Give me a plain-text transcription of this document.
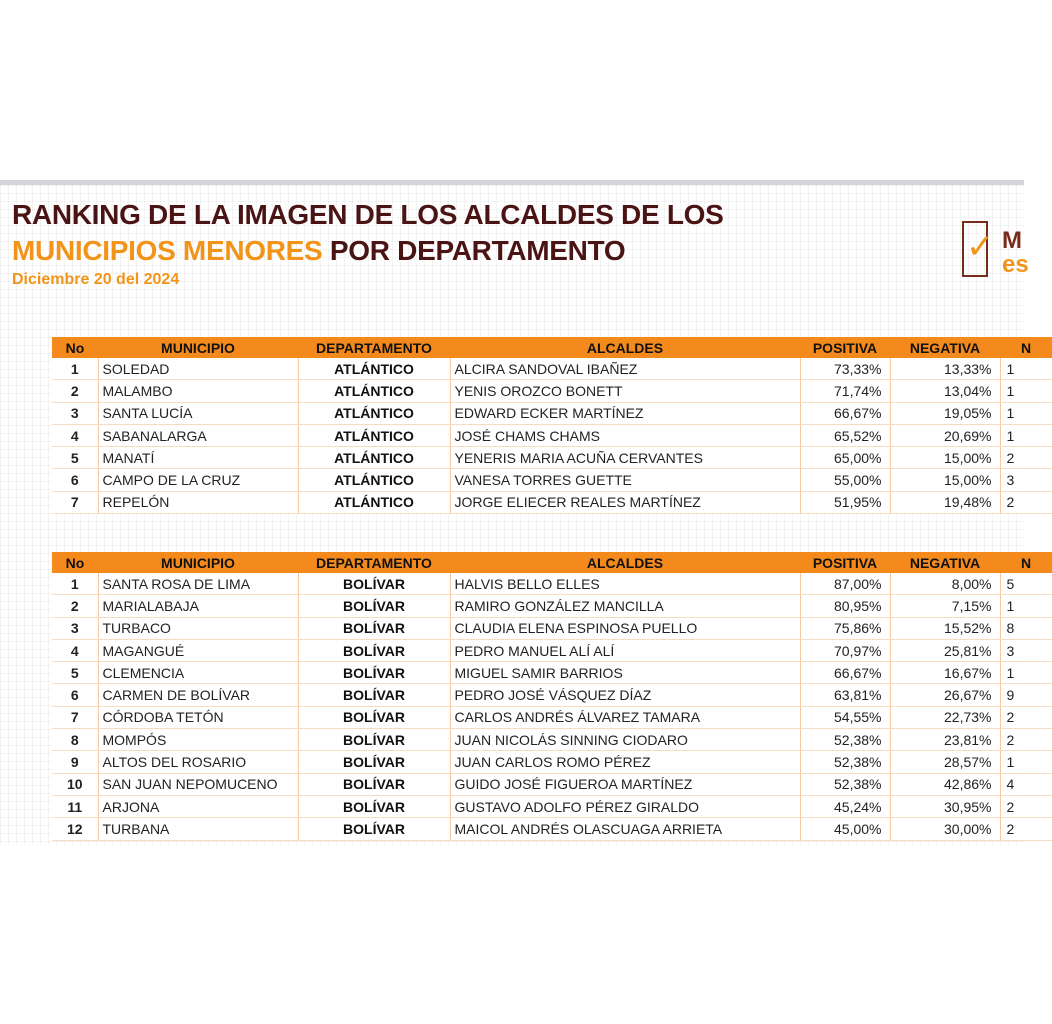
RANKING DE LA IMAGEN DE LOS ALCALDES DE LOS
MUNICIPIOS MENORES POR DEPARTAMENTO

Diciembre 20 del 2024

✓ M
es
No	MUNICIPIO	DEPARTAMENTO	ALCALDES	POSITIVA	NEGATIVA	N
1	SOLEDAD	ATLÁNTICO	ALCIRA SANDOVAL IBAÑEZ	73,33%	13,33%	1
2	MALAMBO	ATLÁNTICO	YENIS OROZCO BONETT	71,74%	13,04%	1
3	SANTA LUCÍA	ATLÁNTICO	EDWARD ECKER MARTÍNEZ	66,67%	19,05%	1
4	SABANALARGA	ATLÁNTICO	JOSÉ CHAMS CHAMS	65,52%	20,69%	1
5	MANATÍ	ATLÁNTICO	YENERIS MARIA ACUÑA CERVANTES	65,00%	15,00%	2
6	CAMPO DE LA CRUZ	ATLÁNTICO	VANESA TORRES GUETTE	55,00%	15,00%	3
7	REPELÓN	ATLÁNTICO	JORGE ELIECER REALES MARTÍNEZ	51,95%	19,48%	2
No	MUNICIPIO	DEPARTAMENTO	ALCALDES	POSITIVA	NEGATIVA	N
1	SANTA ROSA DE LIMA	BOLÍVAR	HALVIS BELLO ELLES	87,00%	8,00%	5
2	MARIALABAJA	BOLÍVAR	RAMIRO GONZÁLEZ MANCILLA	80,95%	7,15%	1
3	TURBACO	BOLÍVAR	CLAUDIA ELENA ESPINOSA PUELLO	75,86%	15,52%	8
4	MAGANGUÉ	BOLÍVAR	PEDRO MANUEL ALÍ ALÍ	70,97%	25,81%	3
5	CLEMENCIA	BOLÍVAR	MIGUEL SAMIR BARRIOS	66,67%	16,67%	1
6	CARMEN DE BOLÍVAR	BOLÍVAR	PEDRO JOSÉ VÁSQUEZ DÍAZ	63,81%	26,67%	9
7	CÓRDOBA TETÓN	BOLÍVAR	CARLOS ANDRÉS ÁLVAREZ TAMARA	54,55%	22,73%	2
8	MOMPÓS	BOLÍVAR	JUAN NICOLÁS SINNING CIODARO	52,38%	23,81%	2
9	ALTOS DEL ROSARIO	BOLÍVAR	JUAN CARLOS ROMO PÉREZ	52,38%	28,57%	1
10	SAN JUAN NEPOMUCENO	BOLÍVAR	GUIDO JOSÉ FIGUEROA MARTÍNEZ	52,38%	42,86%	4
11	ARJONA	BOLÍVAR	GUSTAVO ADOLFO PÉREZ GIRALDO	45,24%	30,95%	2
12	TURBANA	BOLÍVAR	MAICOL ANDRÉS OLASCUAGA ARRIETA	45,00%	30,00%	2
